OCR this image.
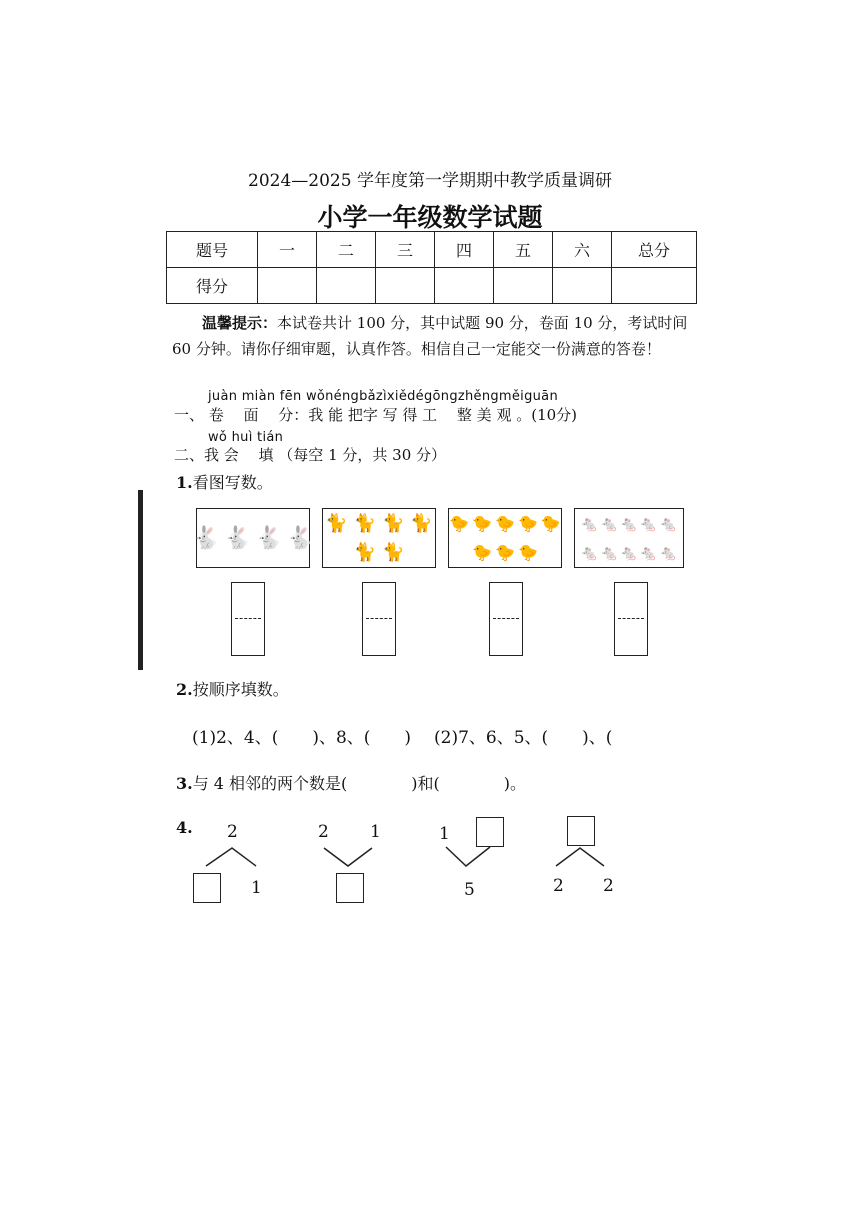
2024—2025 学年度第一学期期中教学质量调研
小学一年级数学试题
题号	一	二	三	四	五	六	总分
得分							
温馨提示：本试卷共计 100 分，其中试题 90 分，卷面 10 分，考试时间 60 分钟。请你仔细审题，认真作答。相信自己一定能交一份满意的答卷！
juàn miàn fēn wǒnéngbǎzìxiědégōngzhěngměiguān
一、 卷　 面　 分：我 能 把字 写 得 工　 整 美 观 。(10分)
wǒ huì tián
二、我 会　 填 （每空 1 分，共 30 分）
1.看图写数。
🐇 🐇 🐇 🐇
🐈 🐈 🐈 🐈
🐈 🐈
🐤 🐤 🐤 🐤 🐤
🐤 🐤 🐤
🐁 🐁 🐁 🐁 🐁
🐁 🐁 🐁 🐁 🐁
2.按顺序填数。
(1)2、4、(　　)、8、(　　) (2)7、6、5、(　　)、(
3.与 4 相邻的两个数是(　　　　)和(　　　　)。
4. 2
1
2 1	1
5	2 2
